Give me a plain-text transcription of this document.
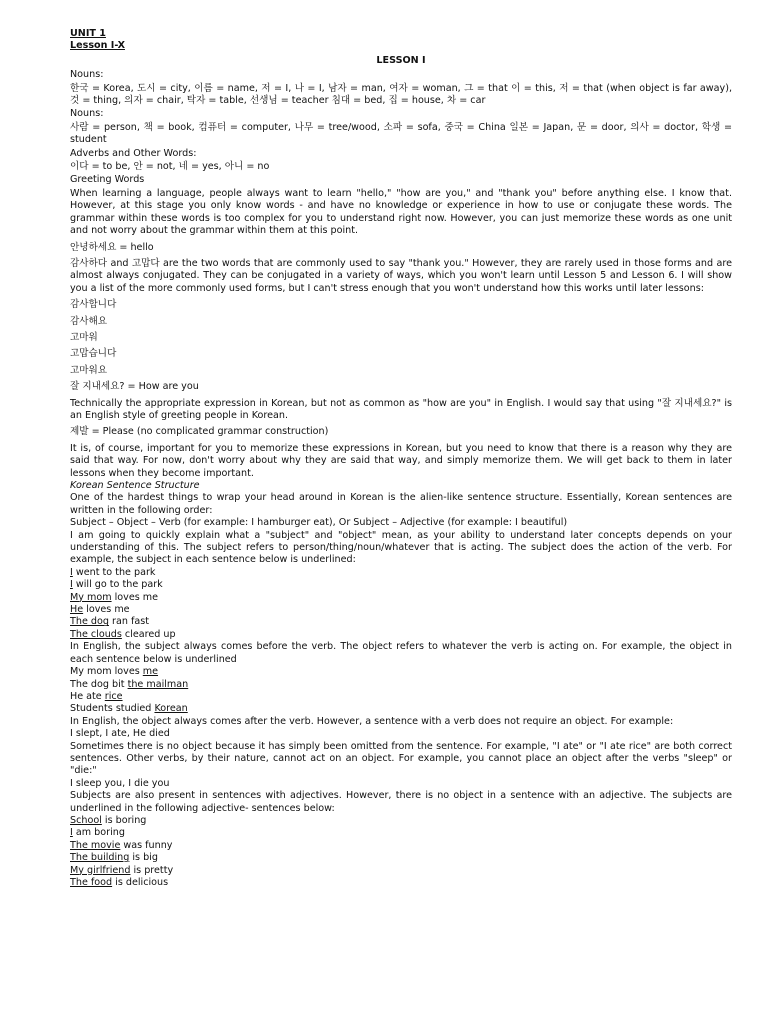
UNIT 1
Lesson I-X
LESSON I
Nouns:
한국 = Korea, 도시 = city, 이름 = name, 저 = I, 나 = I, 남자 = man, 여자 = woman, 그 = that 이 = this, 저 = that (when object is far away), 것 = thing, 의자 = chair, 탁자 = table, 선생님 = teacher 침대 = bed, 집 = house, 차 = car
Nouns:
사람 = person, 책 = book, 컴퓨터 = computer, 나무 = tree/wood, 소파 = sofa, 중국 = China 일본 = Japan, 문 = door, 의사 = doctor, 학생 = student
Adverbs and Other Words:
이다 = to be, 안 = not, 네 = yes, 아니 = no
Greeting Words
When learning a language, people always want to learn "hello," "how are you," and "thank you" before anything else. I know that. However, at this stage you only know words - and have no knowledge or experience in how to use or conjugate these words. The grammar within these words is too complex for you to understand right now. However, you can just memorize these words as one unit and not worry about the grammar within them at this point.
안녕하세요 = hello
감사하다 and 고맙다 are the two words that are commonly used to say "thank you." However, they are rarely used in those forms and are almost always conjugated. They can be conjugated in a variety of ways, which you won't learn until Lesson 5 and Lesson 6. I will show you a list of the more commonly used forms, but I can't stress enough that you won't understand how this works until later lessons:
감사합니다
감사해요
고마워
고맙습니다
고마워요
잘 지내세요? = How are you
Technically the appropriate expression in Korean, but not as common as "how are you" in English. I would say that using "잘 지내세요?" is an English style of greeting people in Korean.
제발 = Please (no complicated grammar construction)
It is, of course, important for you to memorize these expressions in Korean, but you need to know that there is a reason why they are said that way. For now, don't worry about why they are said that way, and simply memorize them. We will get back to them in later lessons when they become important.
Korean Sentence Structure
One of the hardest things to wrap your head around in Korean is the alien-like sentence structure. Essentially, Korean sentences are written in the following order:
Subject – Object – Verb (for example: I hamburger eat), Or Subject – Adjective (for example: I beautiful)
I am going to quickly explain what a "subject" and "object" mean, as your ability to understand later concepts depends on your understanding of this. The subject refers to person/thing/noun/whatever that is acting. The subject does the action of the verb. For example, the subject in each sentence below is underlined:
I went to the park
I will go to the park
My mom loves me
He loves me
The dog ran fast
The clouds cleared up
In English, the subject always comes before the verb. The object refers to whatever the verb is acting on. For example, the object in each sentence below is underlined
My mom loves me
The dog bit the mailman
He ate rice
Students studied Korean
In English, the object always comes after the verb. However, a sentence with a verb does not require an object. For example:
I slept, I ate, He died
Sometimes there is no object because it has simply been omitted from the sentence. For example, "I ate" or "I ate rice" are both correct sentences. Other verbs, by their nature, cannot act on an object. For example, you cannot place an object after the verbs "sleep" or "die:"
I sleep you, I die you
Subjects are also present in sentences with adjectives. However, there is no object in a sentence with an adjective. The subjects are underlined in the following adjective- sentences below:
School is boring
I am boring
The movie was funny
The building is big
My girlfriend is pretty
The food is delicious
